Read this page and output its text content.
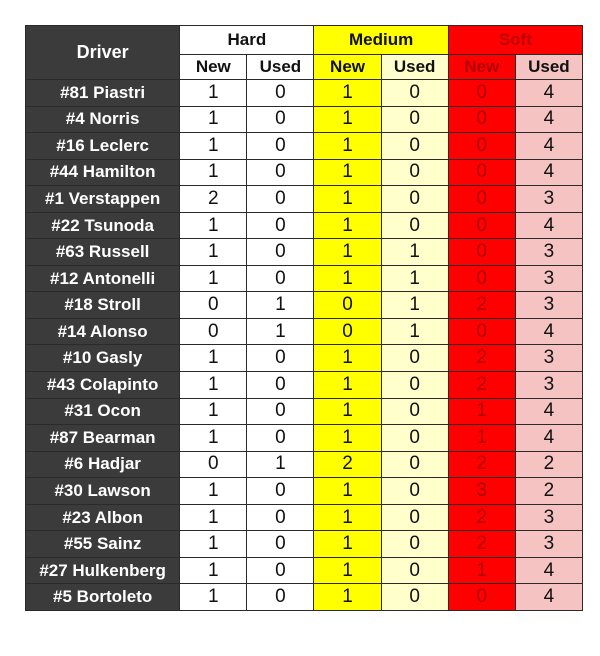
Driver	Hard		Medium		Soft	
	New	Used	New	Used	New	Used
#81 Piastri	1	0	1	0	0	4
#4 Norris	1	0	1	0	0	4
#16 Leclerc	1	0	1	0	0	4
#44 Hamilton	1	0	1	0	0	4
#1 Verstappen	2	0	1	0	0	3
#22 Tsunoda	1	0	1	0	0	4
#63 Russell	1	0	1	1	0	3
#12 Antonelli	1	0	1	1	0	3
#18 Stroll	0	1	0	1	2	3
#14 Alonso	0	1	0	1	0	4
#10 Gasly	1	0	1	0	2	3
#43 Colapinto	1	0	1	0	2	3
#31 Ocon	1	0	1	0	1	4
#87 Bearman	1	0	1	0	1	4
#6 Hadjar	0	1	2	0	2	2
#30 Lawson	1	0	1	0	3	2
#23 Albon	1	0	1	0	2	3
#55 Sainz	1	0	1	0	2	3
#27 Hulkenberg	1	0	1	0	1	4
#5 Bortoleto	1	0	1	0	0	4
